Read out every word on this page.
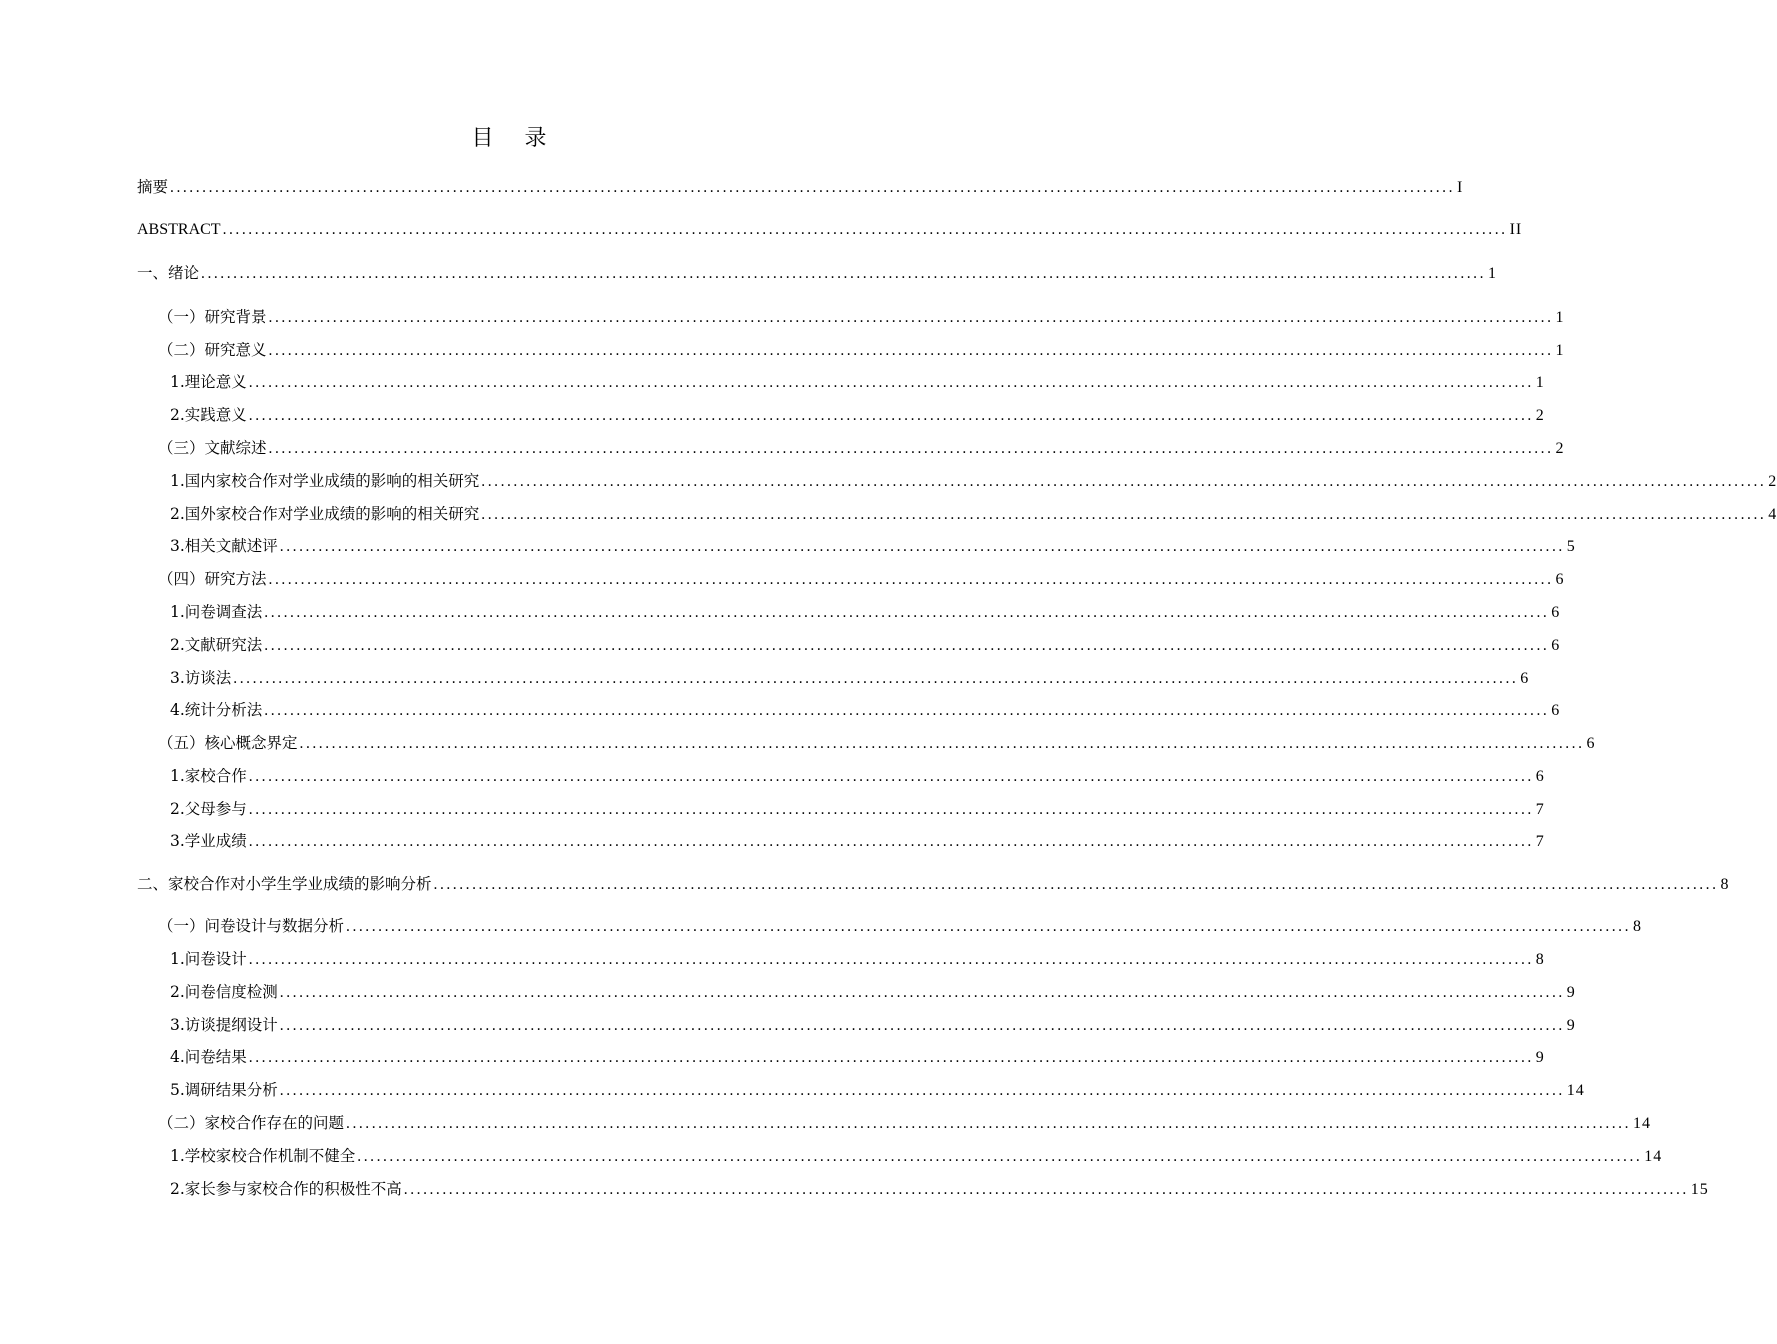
目 录
摘要 ........................................................................................................................................................................................................ I
ABSTRACT ........................................................................................................................................................................................................ II
一、绪论 ........................................................................................................................................................................................................ 1
（一）研究背景 ........................................................................................................................................................................................................ 1
（二）研究意义 ........................................................................................................................................................................................................ 1
1.理论意义 ........................................................................................................................................................................................................ 1
2.实践意义 ........................................................................................................................................................................................................ 2
（三）文献综述 ........................................................................................................................................................................................................ 2
1.国内家校合作对学业成绩的影响的相关研究 ........................................................................................................................................................................................................ 2
2.国外家校合作对学业成绩的影响的相关研究 ........................................................................................................................................................................................................ 4
3.相关文献述评 ........................................................................................................................................................................................................ 5
（四）研究方法 ........................................................................................................................................................................................................ 6
1.问卷调查法 ........................................................................................................................................................................................................ 6
2.文献研究法 ........................................................................................................................................................................................................ 6
3.访谈法 ........................................................................................................................................................................................................ 6
4.统计分析法 ........................................................................................................................................................................................................ 6
（五）核心概念界定 ........................................................................................................................................................................................................ 6
1.家校合作 ........................................................................................................................................................................................................ 6
2.父母参与 ........................................................................................................................................................................................................ 7
3.学业成绩 ........................................................................................................................................................................................................ 7
二、家校合作对小学生学业成绩的影响分析 ........................................................................................................................................................................................................ 8
（一）问卷设计与数据分析 ........................................................................................................................................................................................................ 8
1.问卷设计 ........................................................................................................................................................................................................ 8
2.问卷信度检测 ........................................................................................................................................................................................................ 9
3.访谈提纲设计 ........................................................................................................................................................................................................ 9
4.问卷结果 ........................................................................................................................................................................................................ 9
5.调研结果分析 ........................................................................................................................................................................................................ 14
（二）家校合作存在的问题 ........................................................................................................................................................................................................ 14
1.学校家校合作机制不健全 ........................................................................................................................................................................................................ 14
2.家长参与家校合作的积极性不高 ........................................................................................................................................................................................................ 15
